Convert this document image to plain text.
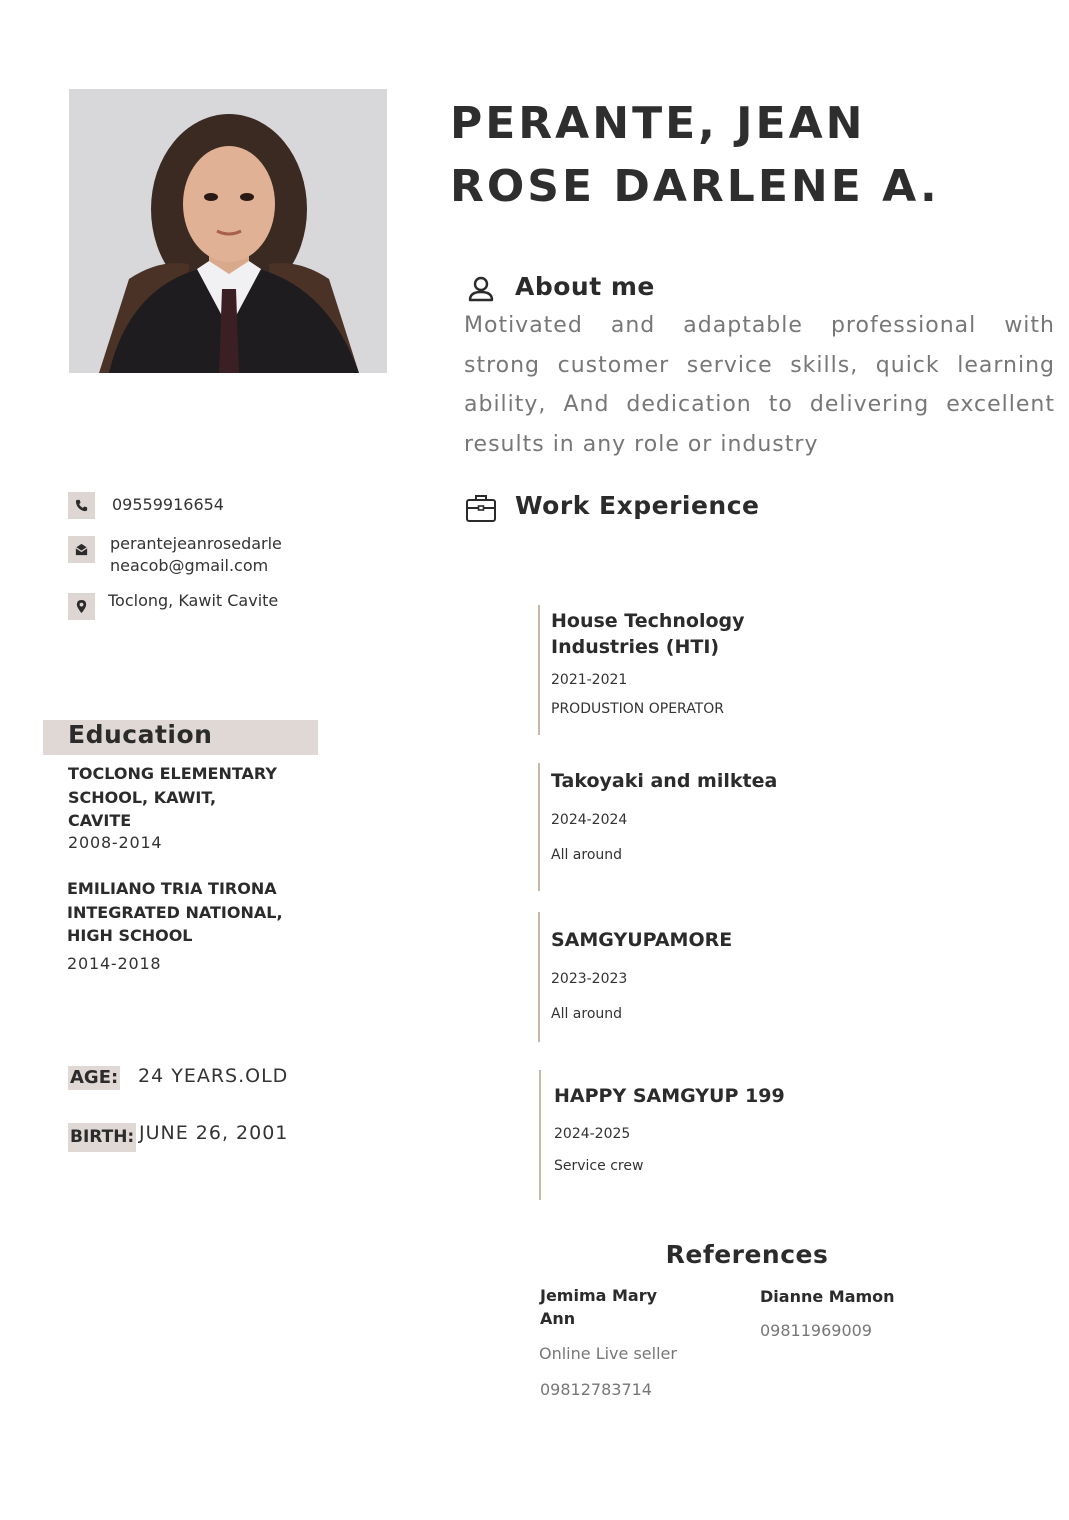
PERANTE, JEAN
ROSE DARLENE A.
About me
Motivated and adaptable professional with strong customer service skills, quick learning ability, And dedication to delivering excellent results in any role or industry
Work Experience
09559916654
perantejeanrosedarle
neacob@gmail.com
Toclong, Kawit Cavite
Education
TOCLONG ELEMENTARY
SCHOOL, KAWIT,
CAVITE
2008-2014
EMILIANO TRIA TIRONA
INTEGRATED NATIONAL,
HIGH SCHOOL
2014-2018
AGE: 24 YEARS.OLD
BIRTH: JUNE 26, 2001
House Technology
Industries (HTI)
2021-2021
PRODUSTION OPERATOR
Takoyaki and milktea
2024-2024
All around
SAMGYUPAMORE
2023-2023
All around
HAPPY SAMGYUP 199
2024-2025
Service crew
References
Jemima Mary
Ann
Online Live seller
09812783714
Dianne Mamon
09811969009
